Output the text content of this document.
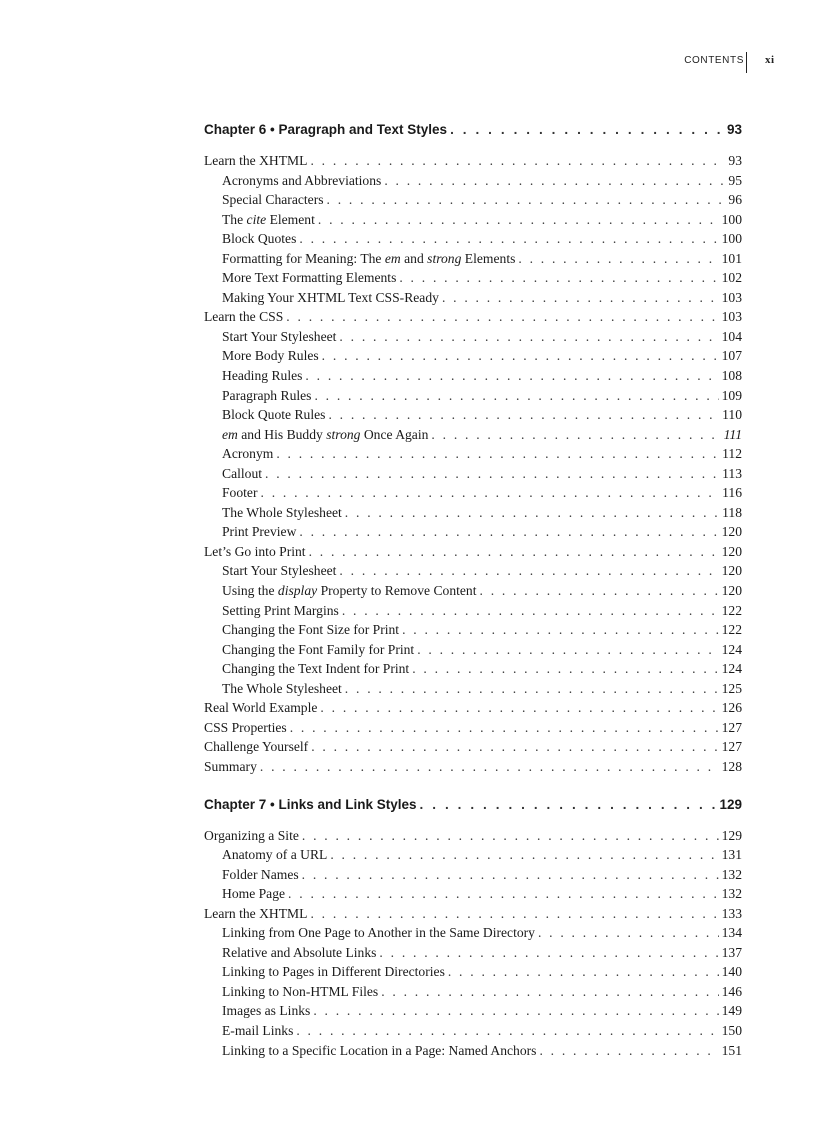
CONTENTS xi
Chapter 6 • Paragraph and Text Styles . . .	93
Learn the XHTML . . .	93
Acronyms and Abbreviations . . .	95
Special Characters . . .	96
The cite Element . . .	100
Block Quotes . . .	100
Formatting for Meaning: The em and strong Elements . . .	101
More Text Formatting Elements . . .	102
Making Your XHTML Text CSS-Ready . . .	103
Learn the CSS . . .	103
Start Your Stylesheet . . .	104
More Body Rules . . .	107
Heading Rules . . .	108
Paragraph Rules . . .	109
Block Quote Rules . . .	110
em and His Buddy strong Once Again . . .	111
Acronym . . .	112
Callout . . .	113
Footer . . .	116
The Whole Stylesheet . . .	118
Print Preview . . .	120
Let’s Go into Print . . .	120
Start Your Stylesheet . . .	120
Using the display Property to Remove Content . . .	120
Setting Print Margins . . .	122
Changing the Font Size for Print . . .	122
Changing the Font Family for Print . . .	124
Changing the Text Indent for Print . . .	124
The Whole Stylesheet . . .	125
Real World Example . . .	126
CSS Properties . . .	127
Challenge Yourself . . .	127
Summary . . .	128
Chapter 7 • Links and Link Styles . . .	129
Organizing a Site . . .	129
Anatomy of a URL . . .	131
Folder Names . . .	132
Home Page . . .	132
Learn the XHTML . . .	133
Linking from One Page to Another in the Same Directory . . .	134
Relative and Absolute Links . . .	137
Linking to Pages in Different Directories . . .	140
Linking to Non-HTML Files . . .	146
Images as Links . . .	149
E-mail Links . . .	150
Linking to a Specific Location in a Page: Named Anchors . . .	151
